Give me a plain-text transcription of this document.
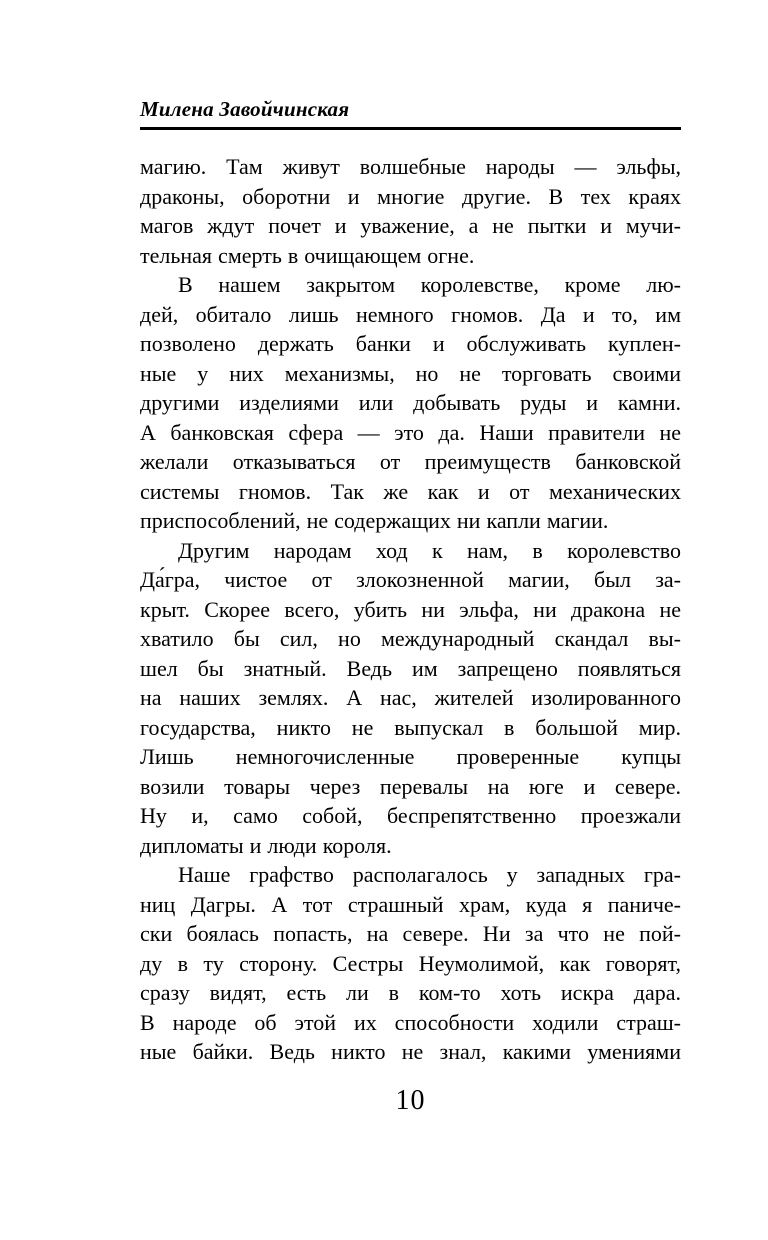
Милена Завойчинская
магию. Там живут волшебные народы — эльфы,
драконы, оборотни и многие другие. В тех краях
магов ждут почет и уважение, а не пытки и мучи-
тельная смерть в очищающем огне.
В нашем закрытом королевстве, кроме лю-
дей, обитало лишь немного гномов. Да и то, им
позволено держать банки и обслуживать куплен-
ные у них механизмы, но не торговать своими
другими изделиями или добывать руды и камни.
А банковская сфера — это да. Наши правители не
желали отказываться от преимуществ банковской
системы гномов. Так же как и от механических
приспособлений, не содержащих ни капли магии.
Другим народам ход к нам, в королевство
Да́гра, чистое от злокозненной магии, был за-
крыт. Скорее всего, убить ни эльфа, ни дракона не
хватило бы сил, но международный скандал вы-
шел бы знатный. Ведь им запрещено появляться
на наших землях. А нас, жителей изолированного
государства, никто не выпускал в большой мир.
Лишь немногочисленные проверенные купцы
возили товары через перевалы на юге и севере.
Ну и, само собой, беспрепятственно проезжали
дипломаты и люди короля.
Наше графство располагалось у западных гра-
ниц Дагры. А тот страшный храм, куда я паниче-
ски боялась попасть, на севере. Ни за что не пой-
ду в ту сторону. Сестры Неумолимой, как говорят,
сразу видят, есть ли в ком-то хоть искра дара.
В народе об этой их способности ходили страш-
ные байки. Ведь никто не знал, какими умениями
10
